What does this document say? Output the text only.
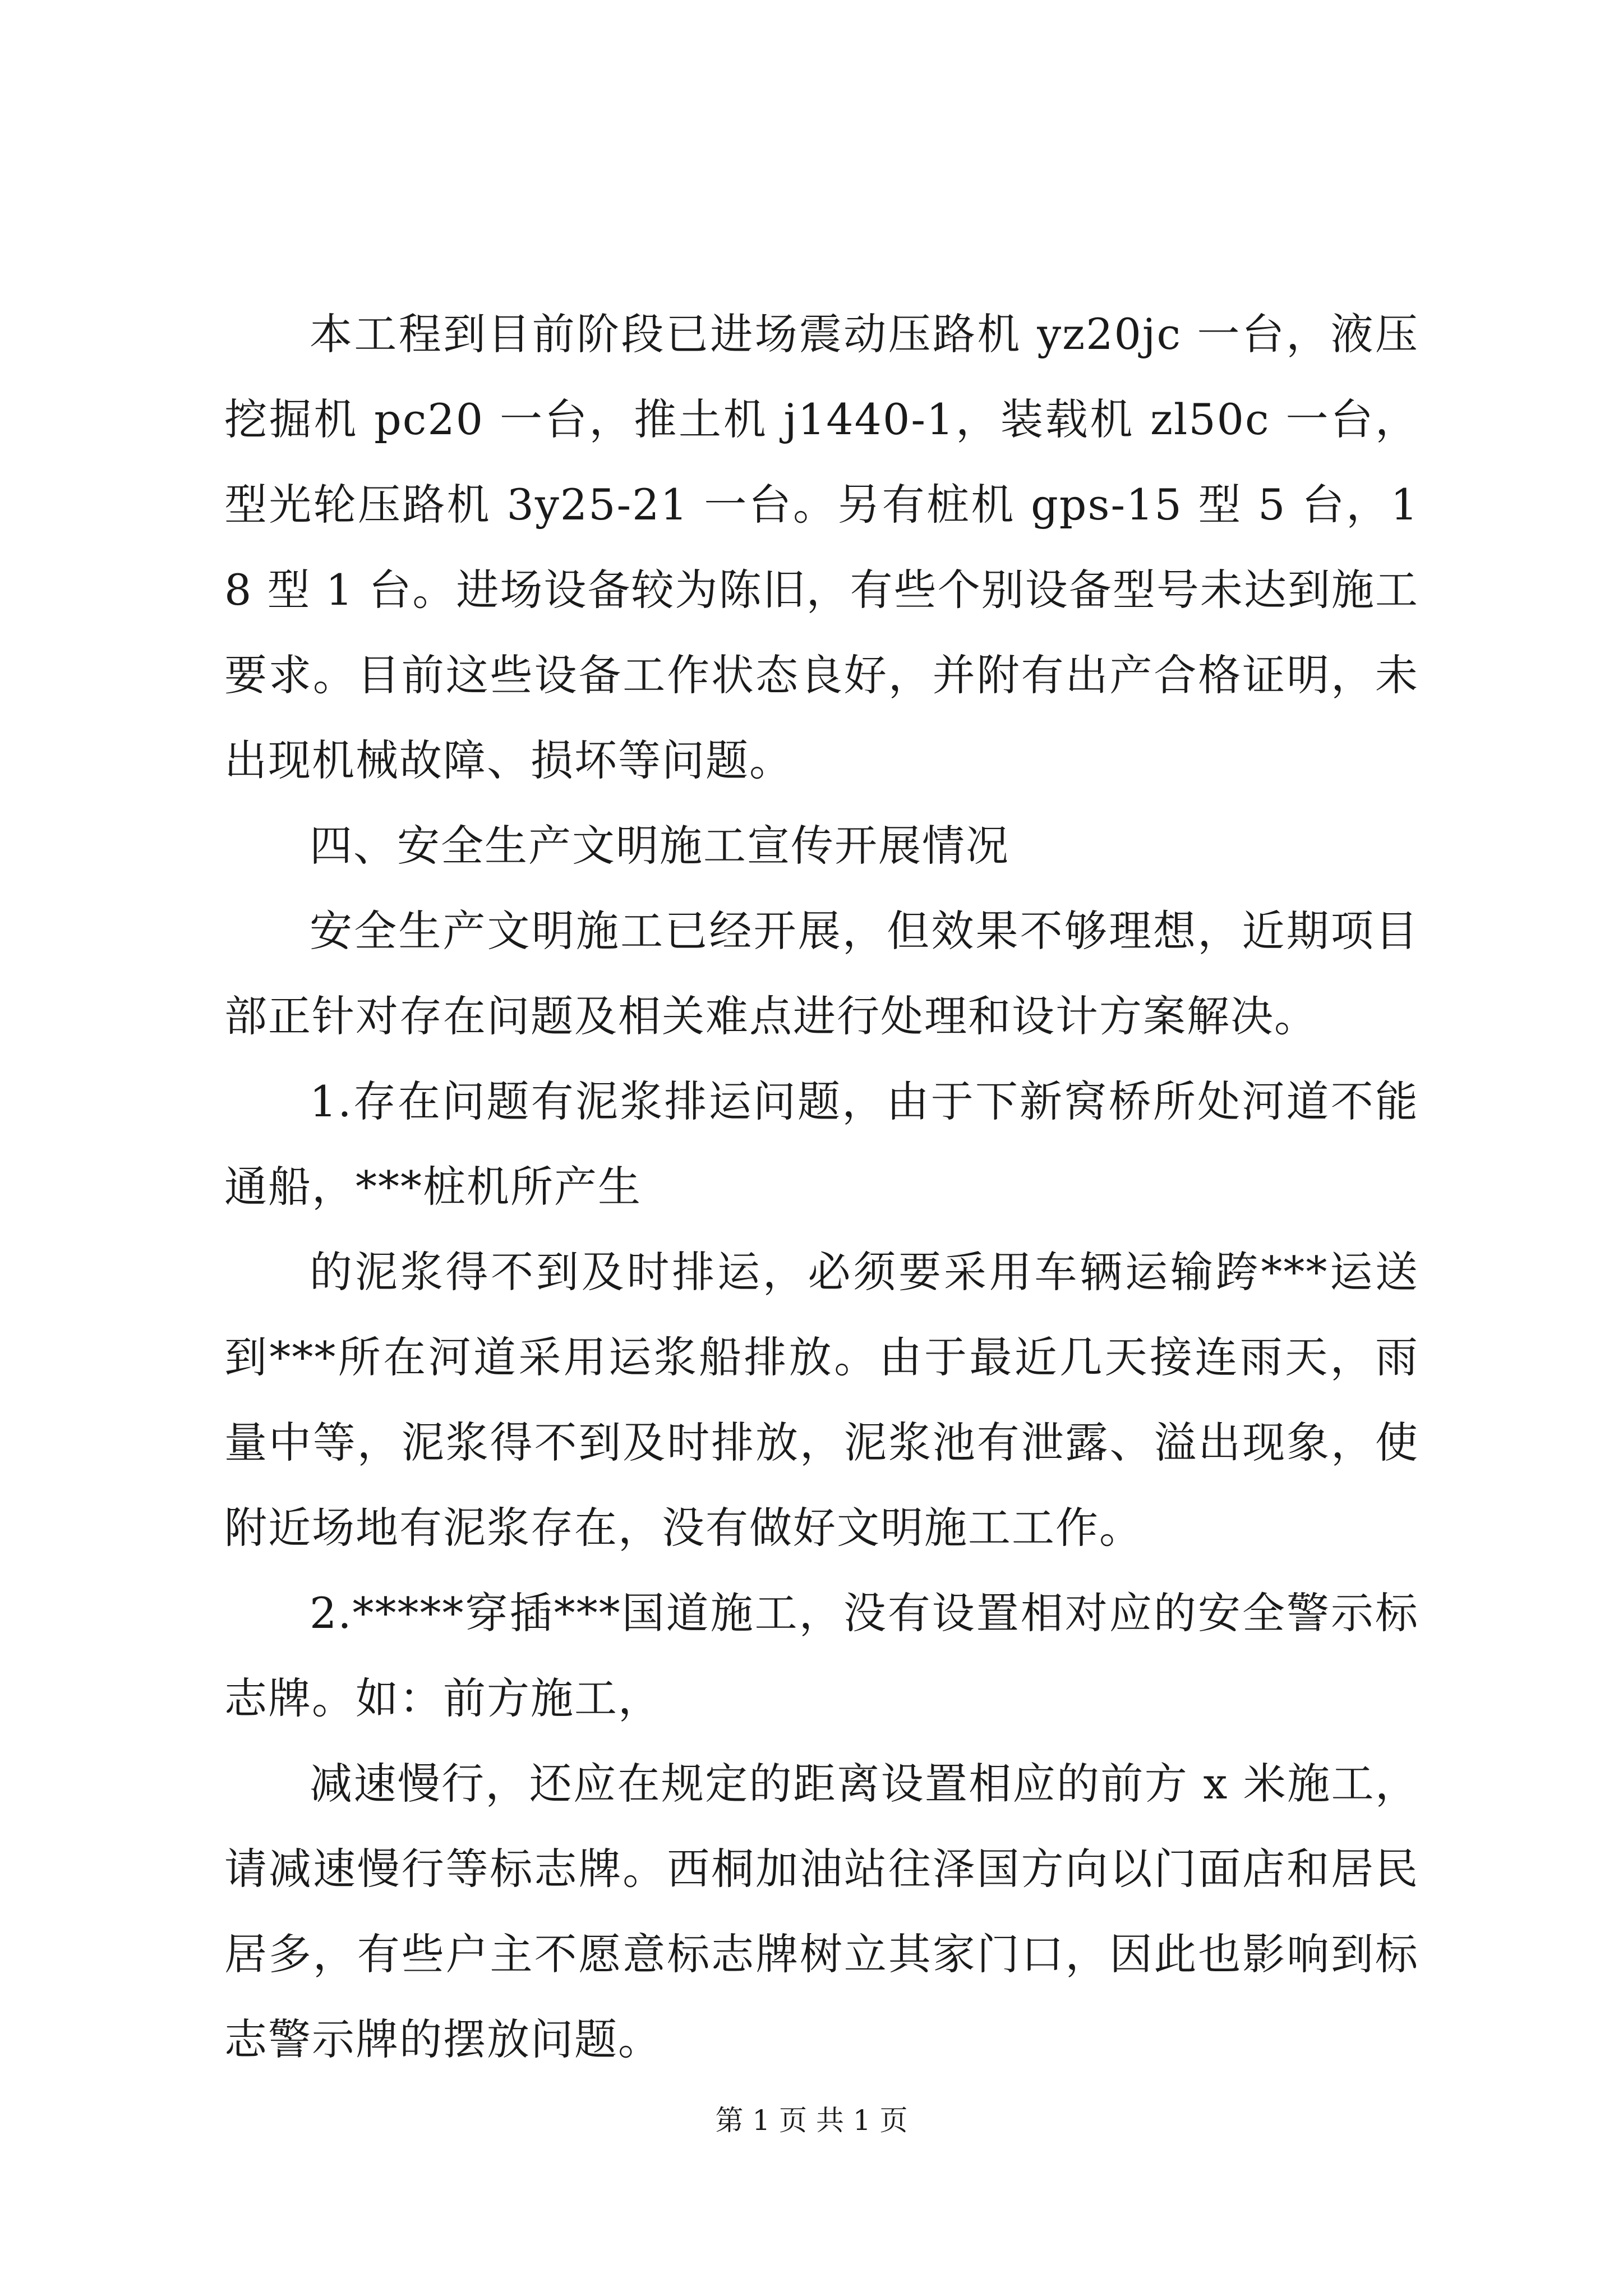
本工程到目前阶段已进场震动压路机 yz20jc 一台，液压挖掘机 pc20 一台，推土机 j1440-1，装载机 zl50c 一台，型光轮压路机 3y25-21 一台。另有桩机 gps-15 型 5 台，18 型 1 台。进场设备较为陈旧，有些个别设备型号未达到施工要求。目前这些设备工作状态良好，并附有出产合格证明，未出现机械故障、损坏等问题。

四、安全生产文明施工宣传开展情况

安全生产文明施工已经开展，但效果不够理想，近期项目部正针对存在问题及相关难点进行处理和设计方案解决。

1.存在问题有泥浆排运问题，由于下新窝桥所处河道不能通船，***桩机所产生

的泥浆得不到及时排运，必须要采用车辆运输跨***运送到***所在河道采用运浆船排放。由于最近几天接连雨天，雨量中等，泥浆得不到及时排放，泥浆池有泄露、溢出现象，使附近场地有泥浆存在，没有做好文明施工工作。

2.*****穿插***国道施工，没有设置相对应的安全警示标志牌。如：前方施工，

减速慢行，还应在规定的距离设置相应的前方 x 米施工，请减速慢行等标志牌。西桐加油站往泽国方向以门面店和居民居多，有些户主不愿意标志牌树立其家门口，因此也影响到标志警示牌的摆放问题。

第 1 页 共 1 页
